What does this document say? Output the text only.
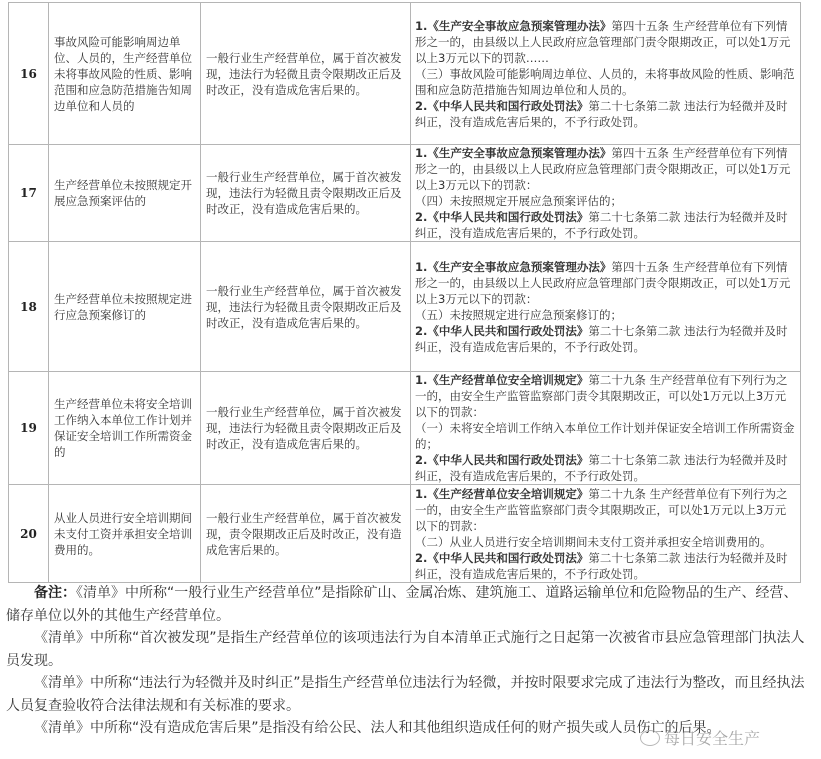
16	事故风险可能影响周边单位、人员的，生产经营单位未将事故风险的性质、影响范围和应急防范措施告知周边单位和人员的	一般行业生产经营单位，属于首次被发现，违法行为轻微且责令限期改正后及时改正，没有造成危害后果的。	1.《生产安全事故应急预案管理办法》第四十五条 生产经营单位有下列情形之一的，由县级以上人民政府应急管理部门责令限期改正，可以处1万元以上3万元以下的罚款……
（三）事故风险可能影响周边单位、人员的，未将事故风险的性质、影响范围和应急防范措施告知周边单位和人员的。
2.《中华人民共和国行政处罚法》第二十七条第二款 违法行为轻微并及时纠正，没有造成危害后果的，不予行政处罚。
17	生产经营单位未按照规定开展应急预案评估的	一般行业生产经营单位，属于首次被发现，违法行为轻微且责令限期改正后及时改正，没有造成危害后果的。	1.《生产安全事故应急预案管理办法》第四十五条 生产经营单位有下列情形之一的，由县级以上人民政府应急管理部门责令限期改正，可以处1万元以上3万元以下的罚款：
（四）未按照规定开展应急预案评估的；
2.《中华人民共和国行政处罚法》第二十七条第二款 违法行为轻微并及时纠正，没有造成危害后果的，不予行政处罚。
18	生产经营单位未按照规定进行应急预案修订的	一般行业生产经营单位，属于首次被发现，违法行为轻微且责令限期改正后及时改正，没有造成危害后果的。	1.《生产安全事故应急预案管理办法》第四十五条 生产经营单位有下列情形之一的，由县级以上人民政府应急管理部门责令限期改正，可以处1万元以上3万元以下的罚款：
（五）未按照规定进行应急预案修订的；
2.《中华人民共和国行政处罚法》第二十七条第二款 违法行为轻微并及时纠正，没有造成危害后果的，不予行政处罚。
19	生产经营单位未将安全培训工作纳入本单位工作计划并保证安全培训工作所需资金的	一般行业生产经营单位，属于首次被发现，违法行为轻微且责令限期改正后及时改正，没有造成危害后果的。	1.《生产经营单位安全培训规定》第二十九条 生产经营单位有下列行为之一的，由安全生产监管监察部门责令其限期改正，可以处1万元以上3万元以下的罚款：
（一）未将安全培训工作纳入本单位工作计划并保证安全培训工作所需资金的；
2.《中华人民共和国行政处罚法》第二十七条第二款 违法行为轻微并及时纠正，没有造成危害后果的，不予行政处罚。
20	从业人员进行安全培训期间未支付工资并承担安全培训费用的。	一般行业生产经营单位，属于首次被发现，责令限期改正后及时改正，没有造成危害后果的。	1.《生产经营单位安全培训规定》第二十九条 生产经营单位有下列行为之一的，由安全生产监管监察部门责令其限期改正，可以处1万元以上3万元以下的罚款：
（二）从业人员进行安全培训期间未支付工资并承担安全培训费用的。
2.《中华人民共和国行政处罚法》第二十七条第二款 违法行为轻微并及时纠正，没有造成危害后果的，不予行政处罚。

备注：《清单》中所称“一般行业生产经营单位”是指除矿山、金属冶炼、建筑施工、道路运输单位和危险物品的生产、经营、储存单位以外的其他生产经营单位。

《清单》中所称“首次被发现”是指生产经营单位的该项违法行为自本清单正式施行之日起第一次被省市县应急管理部门执法人员发现。

《清单》中所称“违法行为轻微并及时纠正”是指生产经营单位违法行为轻微，并按时限要求完成了违法行为整改，而且经执法人员复查验收符合法律法规和有关标准的要求。

《清单》中所称“没有造成危害后果”是指没有给公民、法人和其他组织造成任何的财产损失或人员伤亡的后果。

每日安全生产
